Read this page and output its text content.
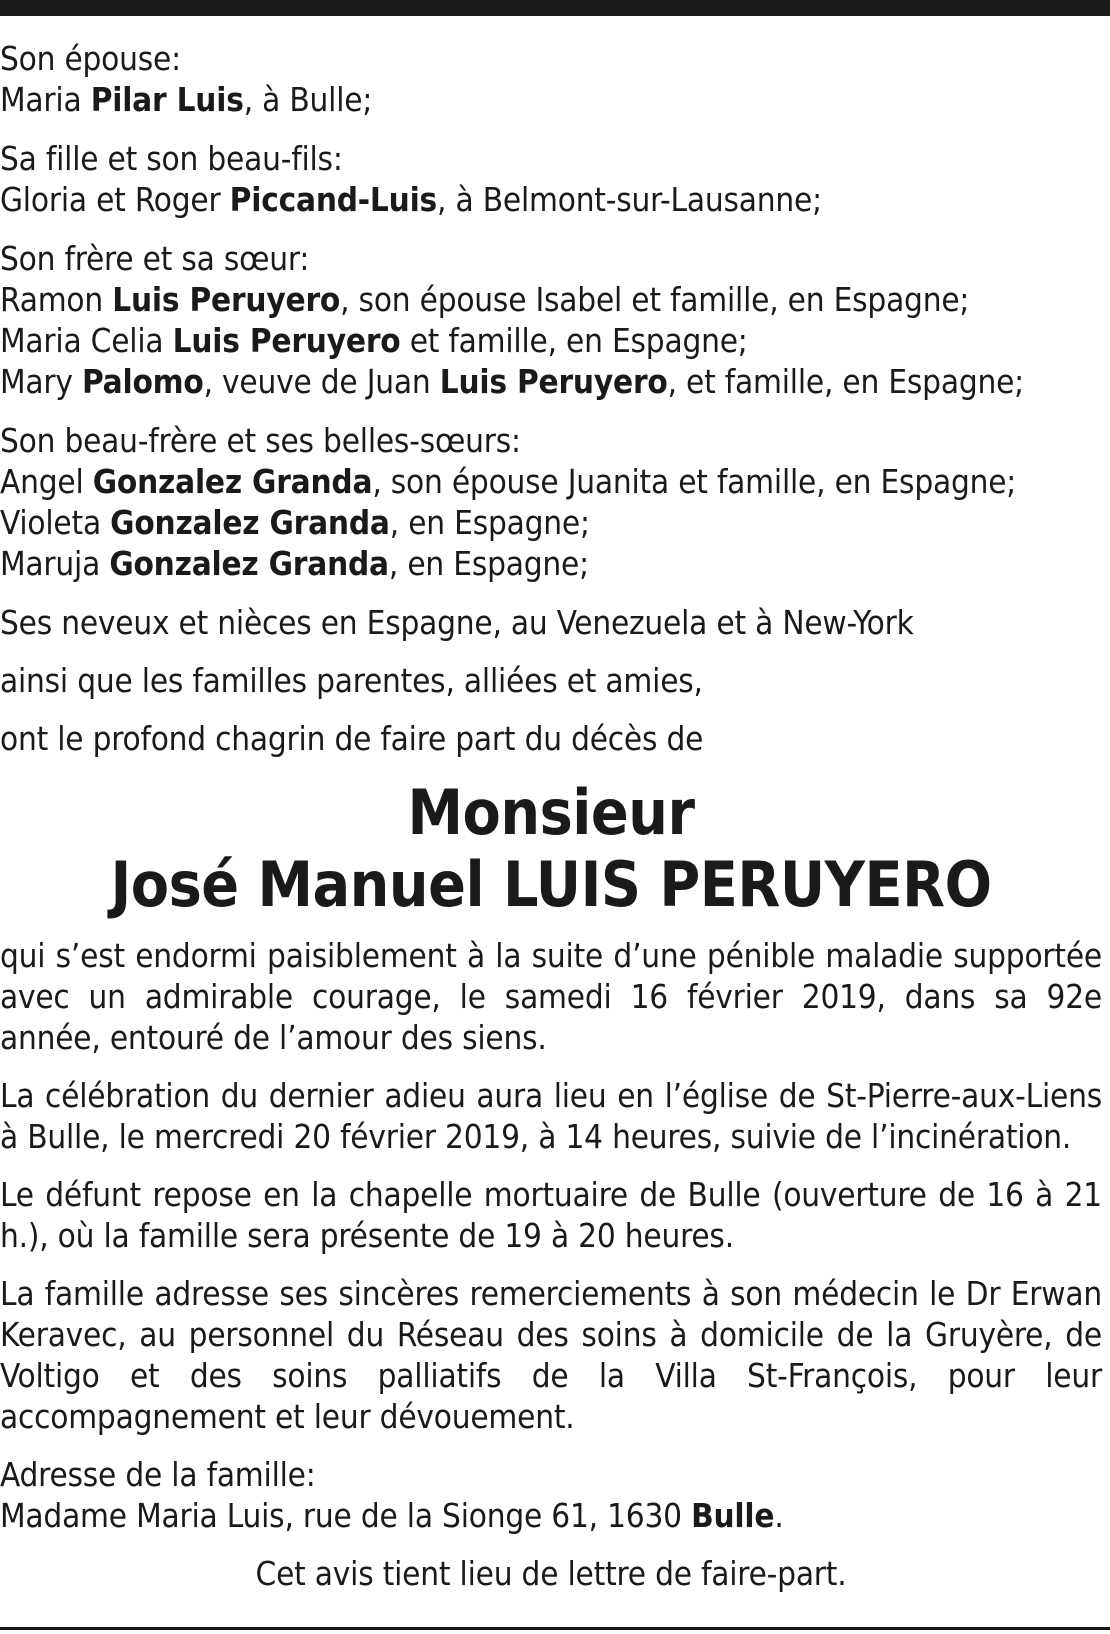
Son épouse:
Maria Pilar Luis, à Bulle;
Sa fille et son beau-fils:
Gloria et Roger Piccand-Luis, à Belmont-sur-Lausanne;
Son frère et sa sœur:
Ramon Luis Peruyero, son épouse Isabel et famille, en Espagne;
Maria Celia Luis Peruyero et famille, en Espagne;
Mary Palomo, veuve de Juan Luis Peruyero, et famille, en Espagne;
Son beau-frère et ses belles-sœurs:
Angel Gonzalez Granda, son épouse Juanita et famille, en Espagne;
Violeta Gonzalez Granda, en Espagne;
Maruja Gonzalez Granda, en Espagne;
Ses neveux et nièces en Espagne, au Venezuela et à New-York
ainsi que les familles parentes, alliées et amies,
ont le profond chagrin de faire part du décès de
Monsieur
José Manuel LUIS PERUYERO
qui s’est endormi paisiblement à la suite d’une pénible maladie supportée avec un admirable courage, le samedi 16 février 2019, dans sa 92e année, entouré de l’amour des siens.
La célébration du dernier adieu aura lieu en l’église de St-Pierre-aux-Liens à Bulle, le mercredi 20 février 2019, à 14 heures, suivie de l’incinération.
Le défunt repose en la chapelle mortuaire de Bulle (ouverture de 16 à 21 h.), où la famille sera présente de 19 à 20 heures.
La famille adresse ses sincères remerciements à son médecin le Dr Erwan Keravec, au personnel du Réseau des soins à domicile de la Gruyère, de Voltigo et des soins palliatifs de la Villa St-François, pour leur accompagnement et leur dévouement.
Adresse de la famille:
Madame Maria Luis, rue de la Sionge 61, 1630 Bulle.
Cet avis tient lieu de lettre de faire-part.
